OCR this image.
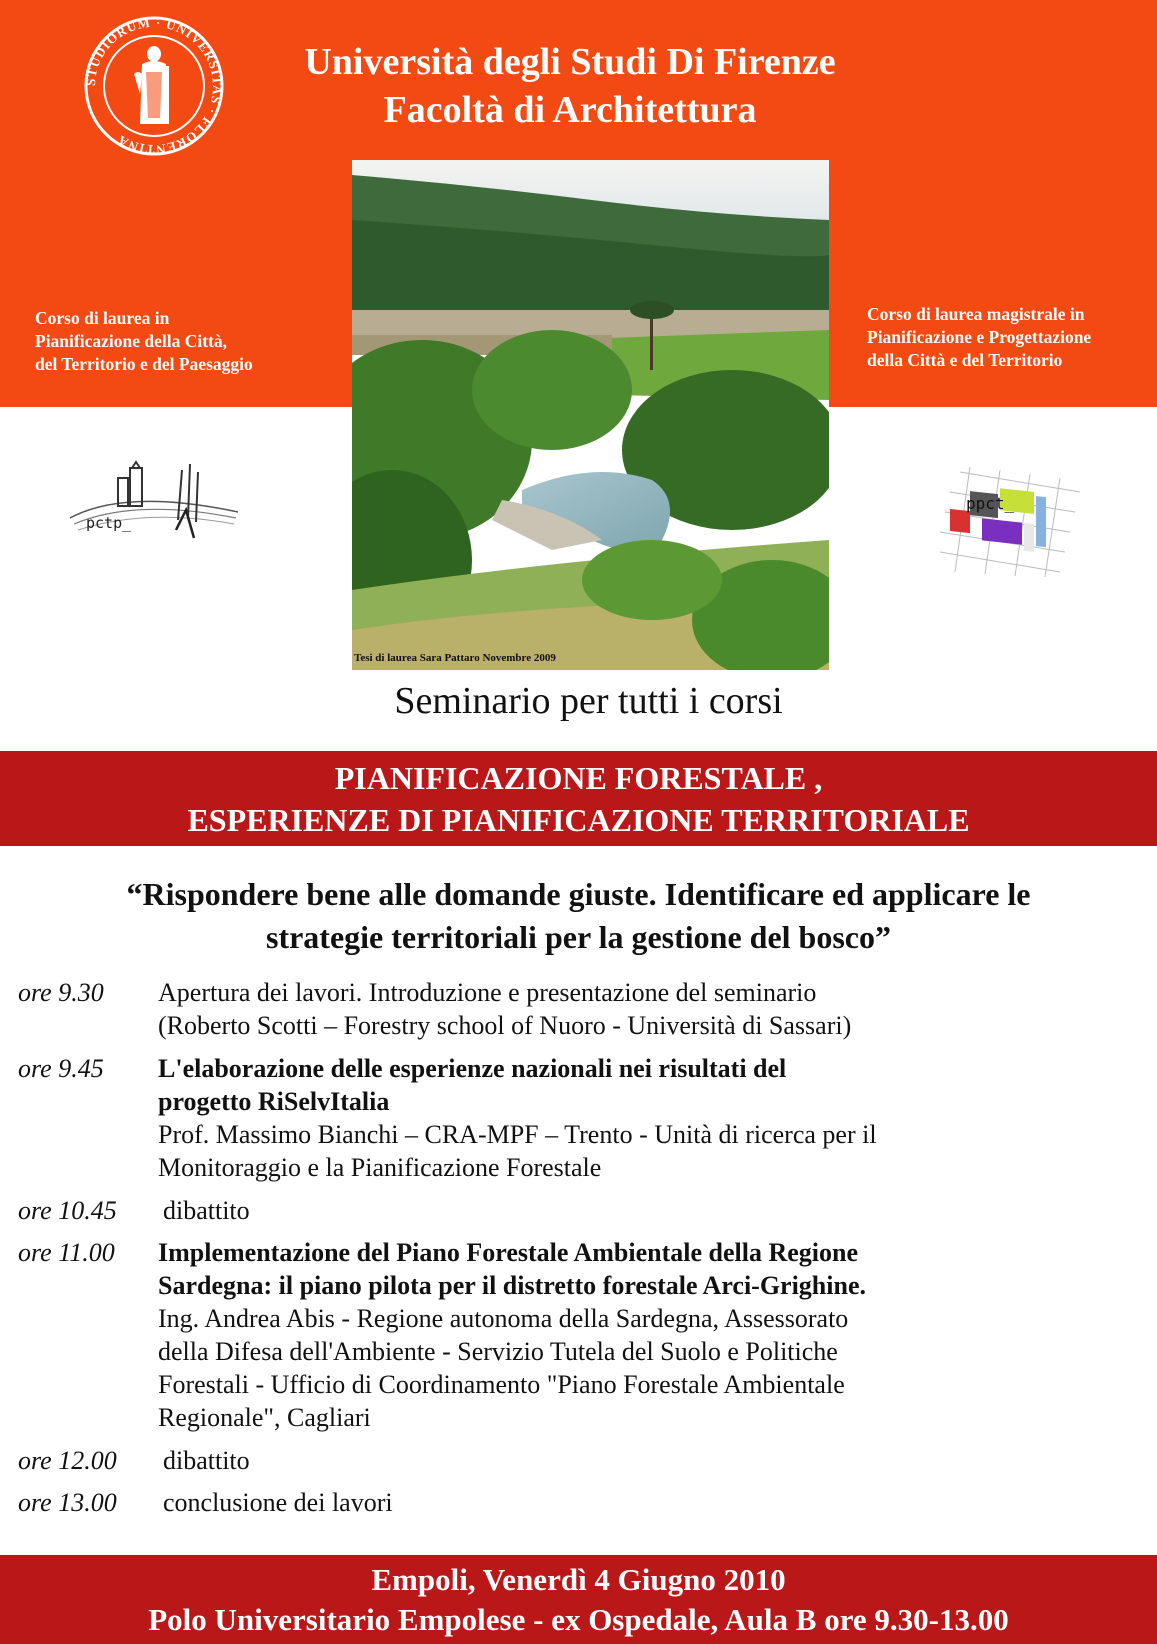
STUDIORUM · UNIVERSITAS · FLORENTINA
Università degli Studi Di Firenze
Facoltà di Architettura
Corso di laurea in
Pianificazione della Città,
del Territorio e del Paesaggio
Corso di laurea magistrale in
Pianificazione e Progettazione
della Città e del Territorio
Tesi di laurea Sara Pattaro Novembre 2009
pctp_
ppct_
Seminario per tutti i corsi
PIANIFICAZIONE FORESTALE ,
ESPERIENZE DI PIANIFICAZIONE TERRITORIALE
“Rispondere bene alle domande giuste. Identificare ed applicare le
strategie territoriali per la gestione del bosco”
ore 9.30 Apertura dei lavori. Introduzione e presentazione del seminario
(Roberto Scotti – Forestry school of Nuoro - Università di Sassari)
ore 9.45 L'elaborazione delle esperienze nazionali nei risultati del
progetto RiSelvItalia
Prof. Massimo Bianchi – CRA-MPF – Trento - Unità di ricerca per il
Monitoraggio e la Pianificazione Forestale
ore 10.45 dibattito
ore 11.00 Implementazione del Piano Forestale Ambientale della Regione
Sardegna: il piano pilota per il distretto forestale Arci-Grighine.
Ing. Andrea Abis - Regione autonoma della Sardegna, Assessorato
della Difesa dell'Ambiente - Servizio Tutela del Suolo e Politiche
Forestali - Ufficio di Coordinamento "Piano Forestale Ambientale
Regionale", Cagliari
ore 12.00 dibattito
ore 13.00 conclusione dei lavori
Empoli, Venerdì 4 Giugno 2010
Polo Universitario Empolese - ex Ospedale, Aula B ore 9.30-13.00
